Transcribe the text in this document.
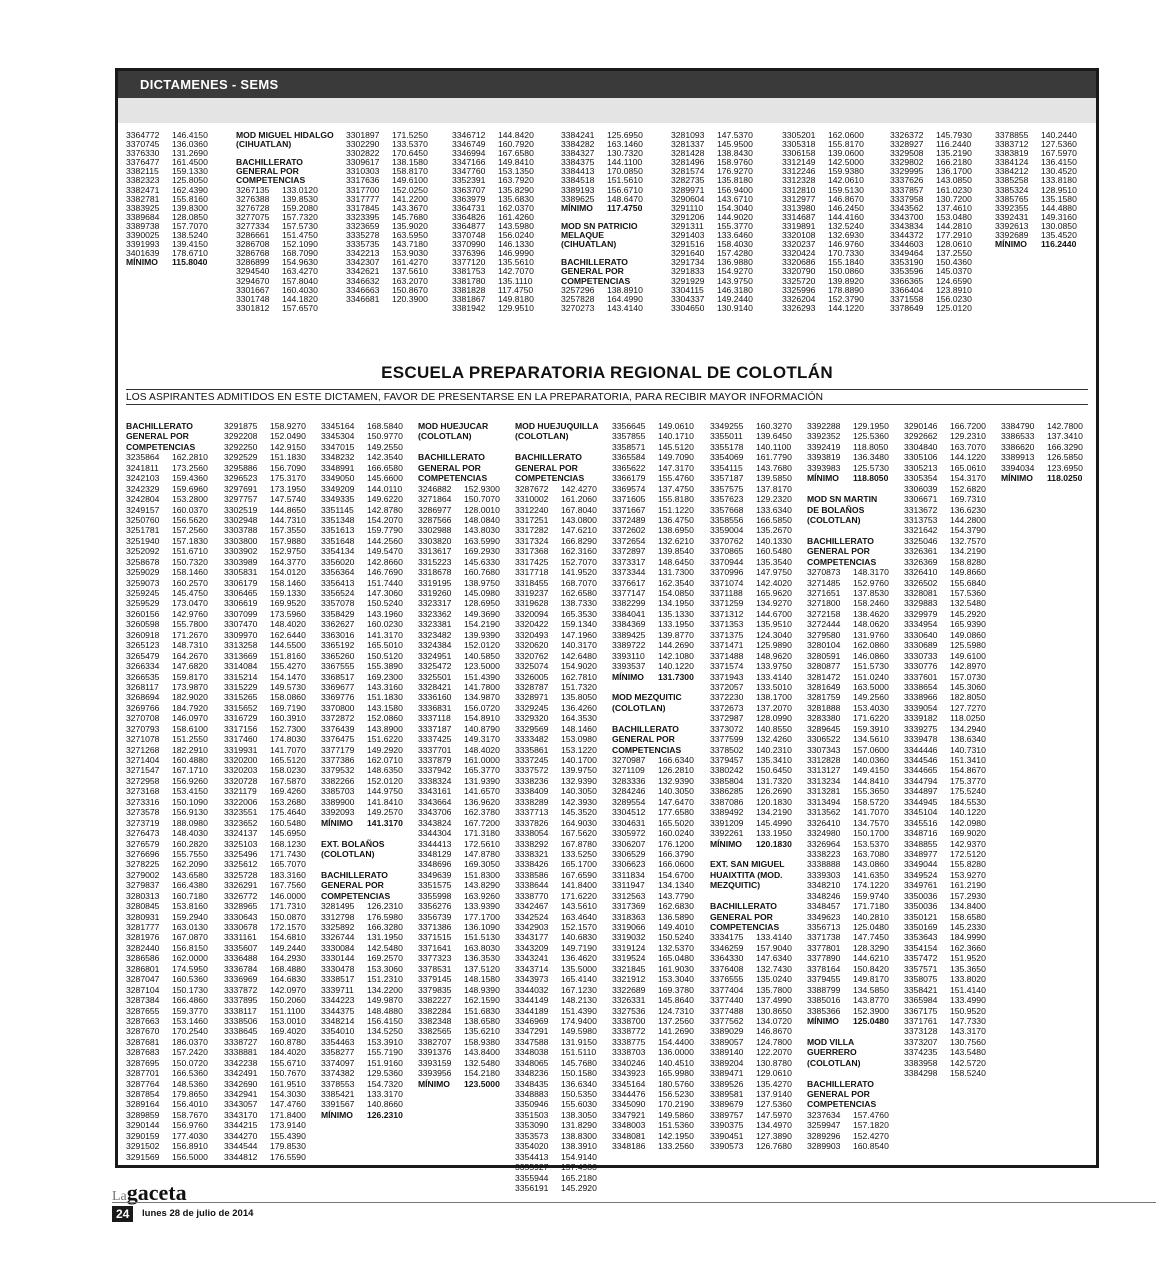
DICTAMENES - SEMS
3364772 146.4150
3370745 136.0360
3376330 131.2690
3376477 161.4500
3382115 159.1330
3382323 125.8050
3382471 162.4390
3382781 155.8160
3383925 139.8300
3389684 128.0850
3389738 157.7070
3390025 138.5240
3391993 139.4150
3401639 178.6710
MÍNIMO 115.8040
MOD MIGUEL HIDALGO
(CIHUATLAN)
BACHILLERATO
GENERAL POR
COMPETENCIAS
3267135 133.0120
3276388 139.8530
3276728 159.2080
3277075 157.7320
3277334 157.5730
3286661 151.4750
3286708 152.1090
3286768 168.7090
3286899 154.9630
3294540 163.4270
3294670 157.8040
3301667 160.4030
3301748 144.1820
3301812 157.6570
3301897 171.5250
3302290 133.5370
3302822 170.6450
3309617 138.1580
3310303 158.8170
3317636 149.6100
3317700 152.0250
3317777 141.2200
3317845 143.3670
3323395 145.7680
3323659 135.9020
3335278 163.5950
3335735 143.7180
3342213 153.9030
3342307 161.4270
3342621 137.5610
3346632 163.2070
3346663 150.8670
3346681 120.3900
3346712 144.8420
3346749 160.7920
3346994 167.6580
3347166 149.8410
3347760 153.1350
3352391 163.7920
3363707 135.8290
3363979 135.6830
3364731 162.0370
3364826 161.4260
3364877 143.5980
3370748 156.0240
3370990 146.1330
3376396 146.9990
3377120 135.5610
3381753 142.7070
3381780 135.1110
3381828 117.4750
3381867 149.8180
3381942 129.9510
3384241 125.6950
3384282 163.1460
3384327 130.7320
3384375 144.1100
3384413 170.0850
3384518 151.5610
3389193 156.6710
3389625 148.6470
MÍNIMO 117.4750
MOD SN PATRICIO
MELAQUE
(CIHUATLAN)
BACHILLERATO
GENERAL POR
COMPETENCIAS
3257296 138.8910
3257828 164.4990
3270273 143.4140
3281093 147.5370
3281337 145.9500
3281428 138.8430
3281496 158.9760
3281574 176.9270
3282735 135.8180
3289971 156.9400
3290604 143.6710
3291110 154.3040
3291206 144.9020
3291311 155.3770
3291403 133.6460
3291516 158.4030
3291640 157.4280
3291734 136.9880
3291833 154.9270
3291929 143.9750
3304115 146.3180
3304337 149.2440
3304650 130.9140
3305201 162.0600
3305318 155.8170
3306158 139.0600
3312149 142.5000
3312246 159.9380
3312328 142.0610
3312810 159.5130
3312977 146.8670
3313980 146.2450
3314687 144.4160
3319891 132.5240
3320108 132.6930
3320237 146.9760
3320424 170.7330
3320686 155.1840
3320790 150.0860
3325720 139.8920
3325996 178.8890
3326204 152.3790
3326293 144.1220
3326372 145.7930
3328927 116.2440
3329508 135.2190
3329802 166.2180
3329995 136.1700
3337626 143.0850
3337857 161.0230
3337958 130.7200
3343562 137.4610
3343700 153.0480
3343834 144.2810
3344372 177.2910
3344603 128.0610
3349464 137.2550
3353190 150.4360
3353596 145.0370
3366365 124.6590
3366404 123.8910
3371558 156.0230
3378649 125.0120
3378855 140.2440
3383712 127.5360
3383819 167.5970
3384124 136.4150
3384212 130.4520
3385258 133.8180
3385324 128.9510
3385765 135.1580
3392355 144.4880
3392431 149.3160
3392613 130.0850
3392689 135.4520
MÍNIMO 116.2440
ESCUELA PREPARATORIA REGIONAL DE COLOTLÁN
LOS ASPIRANTES ADMITIDOS EN ESTE DICTAMEN, FAVOR DE PRESENTARSE EN LA PREPARATORIA, PARA RECIBIR MAYOR INFORMACIÓN
BACHILLERATO
GENERAL POR
COMPETENCIAS
3235864 162.2810
3241811 173.2560
3242103 159.4360
3242329 159.6960
3242804 153.2800
3249157 160.0370
3250760 156.5620
3251781 157.2560
3251940 157.1830
3252092 151.6710
3258678 150.7320
3259029 158.1460
3259073 160.2570
3259245 145.4750
3259529 173.0470
3260156 142.9760
3260598 155.7800
3260918 171.2670
3265123 148.7310
3265479 164.2670
3266334 147.6820
3266535 159.8170
3268117 173.9870
3268694 182.9020
3269766 184.7920
3270708 146.0970
3270793 158.6100
3271078 151.2550
3271268 182.2910
3271404 160.4880
3271547 167.1710
3272958 156.9260
3273168 153.4150
3273316 150.1090
3273578 156.9130
3273719 188.0980
3276473 148.4030
3276579 160.2820
3276696 155.7550
3278225 162.2090
3279002 143.6580
3279837 166.4380
3280313 160.7180
3280845 153.8160
3280931 159.2940
3281777 163.0130
3281976 167.0870
3282440 156.8150
3286586 162.0000
3286801 174.5950
3287047 160.5360
3287104 150.1730
3287384 166.4860
3287655 159.3770
3287663 153.1460
3287670 170.2540
3287681 186.0370
3287683 157.2420
3287695 150.0720
3287701 166.5360
3287764 148.5360
3287854 179.8650
3289164 156.4010
3289859 158.7670
3290144 156.9760
3290159 177.4030
3291502 156.8910
3291569 156.5000
3291875 158.9270
3292208 152.0490
3292250 142.9150
3292529 151.1830
3295886 156.7090
3296523 175.3170
3297691 173.1950
3297757 147.5740
3302519 144.8650
3302948 144.7310
3303788 157.3550
3303800 157.9880
3303902 152.9750
3303989 164.3770
3305831 154.0120
3306179 158.1460
3306465 159.1330
3306619 169.9520
3307099 173.5960
3307470 148.4020
3309970 162.6440
3313258 144.5500
3313669 151.8160
3314084 155.4270
3315214 154.1470
3315229 149.5730
3315265 158.0860
3315652 169.7190
3316729 160.3910
3317156 152.7300
3317460 174.8030
3319931 141.7070
3320200 165.5120
3320203 158.0230
3320728 167.5870
3321179 169.4260
3322006 153.2680
3323551 175.4640
3323652 160.5480
3324137 145.6950
3325103 168.1230
3325496 171.7430
3325612 165.7070
3325728 183.3160
3326291 167.7560
3326772 146.0000
3328965 171.7310
3330643 150.0870
3330678 172.1570
3331161 154.6810
3335607 149.2440
3336488 164.2930
3336784 168.4880
3336969 164.6830
3337872 142.0970
3337895 150.2060
3338117 151.1100
3338506 153.0010
3338645 169.4020
3338727 160.8780
3338881 184.4020
3342238 155.6710
3342491 150.7670
3342690 161.9510
3342941 154.3030
3343057 147.4760
3343170 171.8400
3344215 173.9140
3344270 155.4390
3344544 179.8530
3344812 176.5590
3345164 168.5840
3345304 150.9770
3347015 149.2550
3348232 142.3540
3348991 166.6580
3349050 145.6600
3349209 144.0110
3349335 149.6220
3351145 142.8780
3351348 154.2070
3351613 159.7790
3351648 144.2560
3354134 149.5470
3356020 142.8660
3356364 146.7690
3356413 151.7440
3356524 147.3060
3357078 150.5240
3358429 143.1960
3362627 160.0230
3363016 141.3170
3365192 165.5010
3365260 150.5120
3367555 155.3890
3368517 169.2300
3369677 143.3160
3369776 151.1830
3370800 143.1580
3372872 152.0860
3376439 143.8900
3376475 151.6220
3377179 149.2920
3377386 162.0710
3379532 148.6350
3382266 152.0120
3385703 144.9750
3389900 141.8410
3392093 149.2570
MÍNIMO 141.3170
EXT. BOLAÑOS
(COLOTLAN)
BACHILLERATO
GENERAL POR
COMPETENCIAS
3281495 126.2310
3312798 176.5980
3325892 166.3280
3326744 131.1950
3330084 142.5480
3330144 169.2570
3330478 153.3060
3338517 151.2310
3339711 134.2200
3344223 149.9870
3344375 148.4880
3348214 156.4150
3354010 134.5250
3354463 153.3910
3358277 155.7190
3374097 151.9160
3374382 129.5360
3378553 154.7320
3385421 133.3170
3391567 140.8660
MÍNIMO 126.2310
MOD HUEJUCAR
(COLOTLAN)
BACHILLERATO
GENERAL POR
COMPETENCIAS
3246882 152.9300
3271864 150.7070
3286977 128.0010
3287566 148.0840
3302988 143.8030
3303820 163.5990
3313617 169.2930
3315223 145.6330
3318678 160.7680
3319195 138.9750
3319260 145.0980
3323317 128.6950
3323362 149.3690
3323381 154.2190
3323482 139.9390
3324384 152.0120
3324951 140.5850
3325472 123.5000
3325501 151.4390
3328421 141.7800
3336160 134.9870
3336831 156.0720
3337118 154.8910
3337187 140.8790
3337425 149.3170
3337701 148.4020
3337879 161.0000
3337942 165.3770
3338324 131.9390
3343161 141.6570
3343664 136.9620
3343706 162.3780
3343824 167.7200
3344304 171.3180
3344413 172.5610
3348129 147.8780
3348696 169.3050
3349639 151.8300
3351575 143.8290
3355998 163.9260
3356276 133.9390
3356739 177.1700
3371386 136.1090
3371515 151.5130
3371641 163.8030
3377323 136.3530
3378531 137.5120
3379145 148.1580
3379835 148.9390
3382227 162.1590
3382284 151.6830
3382348 138.6580
3382565 135.6210
3382707 158.9380
3391376 143.8400
3393159 132.5480
3393956 154.2180
MÍNIMO 123.5000
MOD HUEJUQUILLA
(COLOTLAN)
BACHILLERATO
GENERAL POR
COMPETENCIAS
3287672 142.4270
3310002 161.2060
3312240 167.8040
3317251 143.0800
3317282 147.6210
3317324 166.8290
3317368 162.3160
3317425 152.7070
3317718 141.9520
3318455 168.7070
3319237 162.6580
3319628 138.7330
3320094 165.3530
3320422 159.1340
3320493 147.1960
3320620 140.3170
3320762 142.6480
3325074 154.9020
3326005 162.7810
3328787 151.7320
3328971 135.8050
3329245 136.4260
3329320 164.3530
3329569 148.1460
3333482 153.0980
3335861 153.1220
3337245 140.1700
3337572 139.9750
3338236 132.9390
3338409 140.3050
3338289 142.3930
3337713 145.3520
3337826 164.9030
3338054 167.5620
3338292 167.8780
3338321 133.5250
3338426 165.1700
3338586 167.6590
3338644 141.8400
3338770 171.6220
3342467 143.5610
3342524 163.4640
3342903 152.1570
3343177 140.6830
3343209 149.7190
3343241 136.4620
3343714 135.5000
3343973 165.4140
3344032 167.1230
3344149 148.2130
3344189 151.4390
3346969 174.9400
3347291 149.5980
3347588 131.9150
3348038 151.5110
3348065 145.7680
3348236 150.1580
3348435 136.6340
3348883 150.5350
3350946 155.6030
3351503 138.3050
3353090 131.8290
3353573 138.8300
3354020 138.3910
3354413 154.9140
3355927 157.4980
3355944 165.2180
3356191 145.2920
3356645 149.0610
3357855 140.1710
3358571 145.5120
3365584 149.7090
3365622 147.3170
3366179 155.4760
3369574 137.4750
3371605 155.8180
3371667 151.1220
3372489 136.4750
3372602 138.6950
3372654 132.6210
3372897 139.8540
3373317 148.6450
3373344 131.7300
3376617 162.3540
3377147 154.0850
3382299 134.1950
3384041 135.1330
3384369 133.1950
3389425 139.8770
3389722 144.2690
3393110 142.1080
3393537 140.1220
MÍNIMO 131.7300
MOD MEZQUITIC
(COLOTLAN)
BACHILLERATO
GENERAL POR
COMPETENCIAS
3270987 166.6340
3271109 126.2810
3283336 132.9390
3284246 140.3050
3289554 147.6470
3304512 177.6580
3304631 165.5020
3305972 160.0240
3306207 176.1200
3306529 166.3790
3306623 166.0600
3311834 154.6700
3311947 134.1340
3312563 143.7790
3317369 162.6830
3318363 136.5890
3319066 149.4010
3319032 150.5240
3319124 132.5370
3319524 165.0480
3321845 161.9030
3321912 153.3040
3322689 169.3780
3326331 145.8640
3327536 124.7310
3338700 137.2560
3338772 141.2690
3338775 154.4400
3338703 136.0000
3340246 140.4510
3343923 165.9980
3345164 180.5760
3344476 156.5230
3345090 170.2190
3347921 149.5860
3348003 151.5360
3348081 142.1950
3348186 133.2560
3349255 160.3270
3355011 139.6450
3355178 140.1100
3354069 161.7790
3354115 143.7680
3357187 139.5850
3357575 137.8170
3357623 129.2320
3357668 133.6340
3358556 166.5850
3359004 135.2670
3370762 140.1330
3370865 160.5480
3370944 135.3540
3370996 147.9750
3371074 142.4020
3371188 165.9620
3371259 134.9270
3371312 144.6700
3371353 135.9510
3371375 124.3040
3371471 125.9890
3371488 148.9620
3371574 133.9750
3371943 133.4140
3372057 133.5010
3372230 138.1700
3372673 137.2070
3372987 128.0990
3373072 140.8550
3377599 132.4260
3378502 140.2310
3379457 135.3410
3380242 150.6450
3385804 131.7320
3386285 126.2690
3387086 120.1830
3389492 134.2190
3391209 145.4990
3392261 133.1950
MÍNIMO 120.1830
EXT. SAN MIGUEL
HUAIXTITA (MOD.
MEZQUITIC)
BACHILLERATO
GENERAL POR
COMPETENCIAS
3334175 133.4140
3346259 157.9040
3364330 147.6340
3376408 132.7430
3376555 135.0240
3377404 135.7800
3377440 137.4990
3377488 130.8650
3377562 134.0720
3389029 146.8670
3389057 124.7800
3389140 122.2070
3389204 130.8780
3389471 129.0610
3389526 135.4270
3389581 137.9140
3389679 127.5360
3389757 147.5970
3390375 134.4970
3390451 127.3890
3390573 126.7680
3392288 129.1950
3392352 125.5360
3392419 118.8050
3393819 136.3480
3393983 125.5730
MÍNIMO 118.8050
MOD SN MARTIN
DE BOLAÑOS
(COLOTLAN)
BACHILLERATO
GENERAL POR
COMPETENCIAS
3270873 148.3170
3271485 152.9760
3271651 137.8530
3271800 158.2460
3272158 138.4620
3272444 148.0620
3279580 131.9760
3280104 162.0860
3280591 146.0860
3280877 151.5730
3281472 151.0240
3281649 163.5000
3281759 149.2560
3281888 153.4030
3283380 171.6220
3289645 159.3910
3306522 134.5610
3307343 157.0600
3312828 140.0360
3313127 149.4150
3313234 144.8410
3313281 155.3650
3313494 158.5720
3313562 141.7070
3326410 134.7570
3324980 150.1700
3326964 153.5370
3338223 163.7080
3338888 143.0860
3339303 141.6350
3348210 174.1220
3348246 159.9740
3348457 171.7180
3349623 140.2810
3356713 125.0480
3371738 147.7450
3377801 128.3290
3377890 144.6210
3378164 150.8420
3379455 149.8170
3388799 134.5850
3385016 143.8770
3385366 152.3900
MÍNIMO 125.0480
MOD VILLA
GUERRERO
(COLOTLAN)
BACHILLERATO
GENERAL POR
COMPETENCIAS
3237634 157.4760
3259947 157.1820
3289296 152.4270
3289903 160.8540
3290146 166.7200
3292662 129.2310
3304840 163.7070
3305106 144.1220
3305213 165.0610
3305354 154.3170
3306039 152.6820
3306671 169.7310
3313672 136.6230
3313753 144.2800
3321642 154.3790
3325046 132.7570
3326361 134.2190
3326369 158.8280
3326410 149.8660
3326502 155.6840
3328081 157.5360
3329883 132.5480
3329979 145.2920
3334954 165.9390
3330640 149.0860
3330689 125.5980
3330733 149.6100
3330776 142.8970
3337601 157.0730
3338654 145.3060
3338966 182.8050
3339054 127.7270
3339182 118.0250
3339275 134.2940
3339478 138.6340
3344446 140.7310
3344546 151.3410
3344665 154.8670
3344794 175.3770
3344897 175.5240
3344945 184.5530
3345104 140.1220
3345516 142.0980
3348716 169.9020
3348855 142.9370
3348977 172.5120
3349044 155.8280
3349524 153.9270
3349761 161.2190
3350036 157.2930
3350036 134.8400
3350121 158.6580
3350169 145.2330
3353643 184.9990
3354154 162.3660
3357472 151.9520
3357571 135.3650
3358075 133.8020
3358421 151.4140
3365984 133.4990
3367175 150.9520
3371761 147.7330
3373128 143.3170
3373207 130.7560
3374235 143.5480
3383958 142.5720
3384298 158.5240
3384790 142.7800
3386533 137.3410
3386620 166.3290
3389913 126.5850
3394034 123.6950
MÍNIMO 118.0250
Lagaceta
24	lunes 28 de julio de 2014
